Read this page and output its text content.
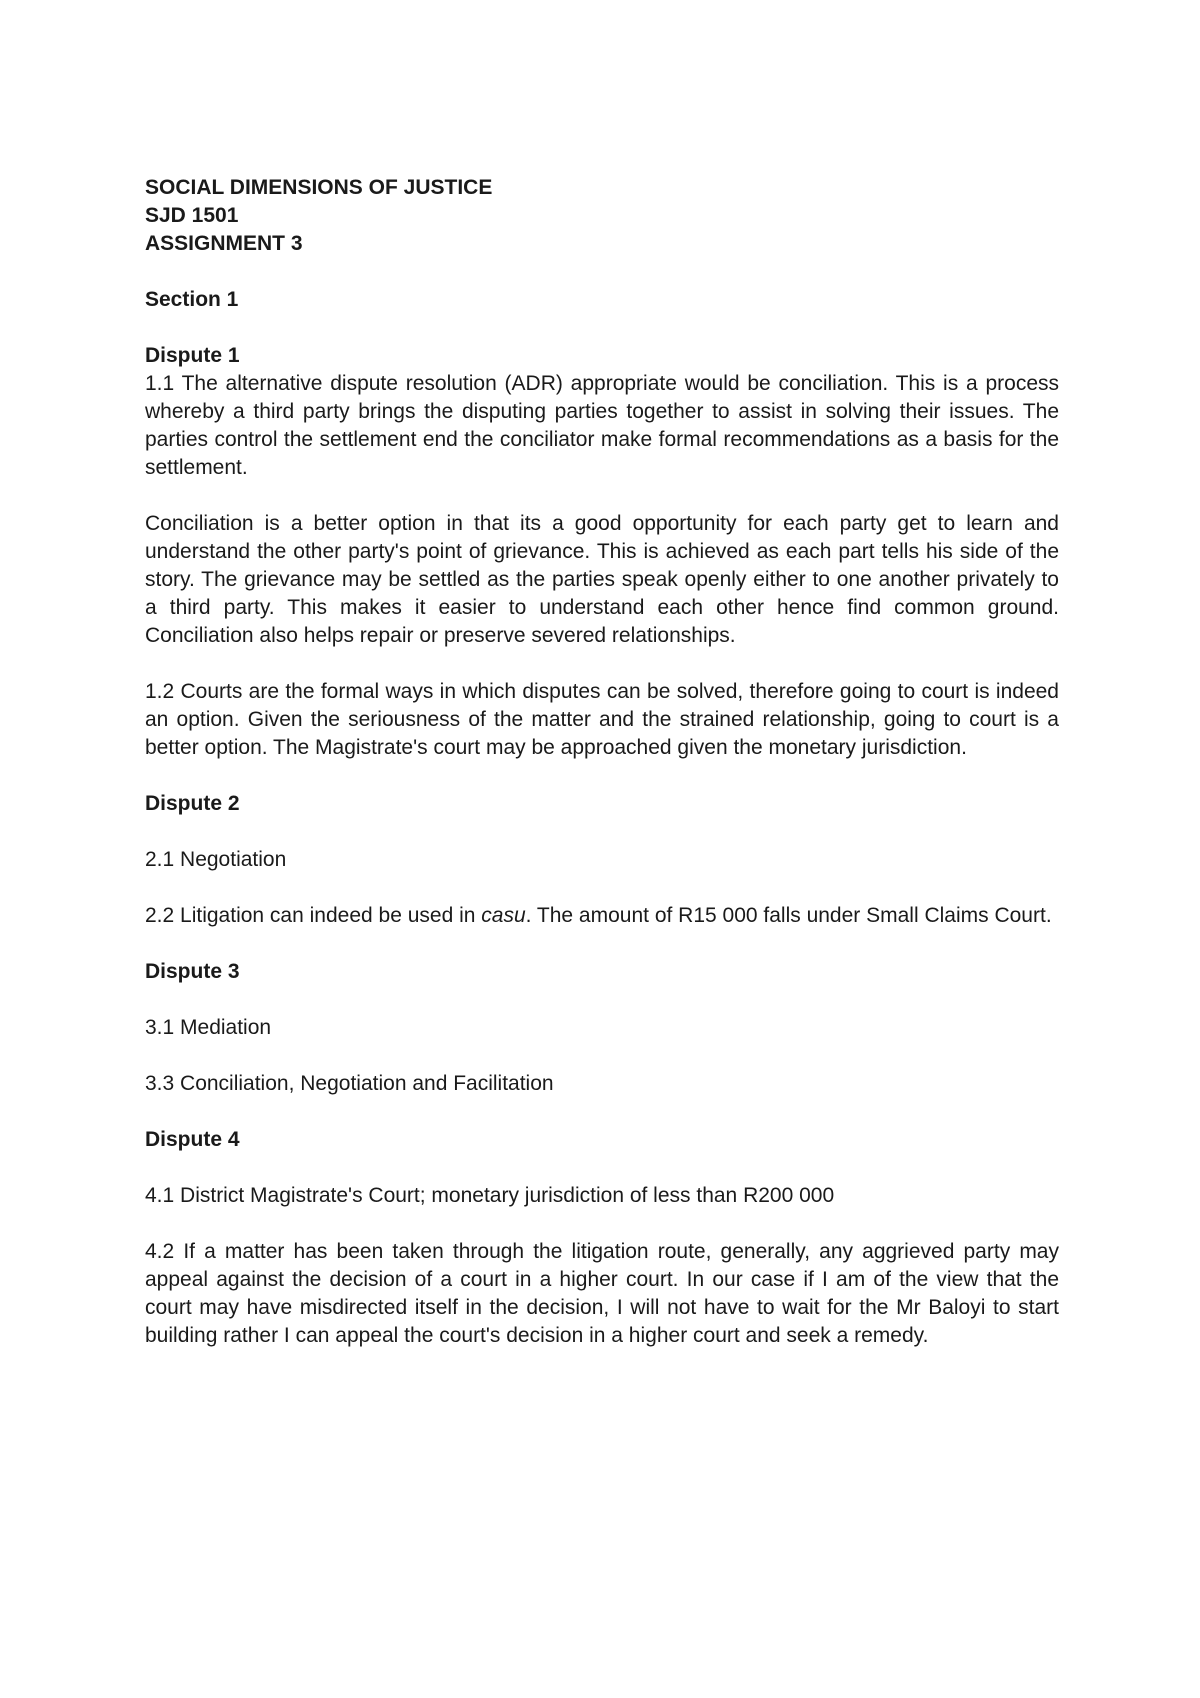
SOCIAL DIMENSIONS OF JUSTICE

SJD 1501

ASSIGNMENT 3

Section 1

Dispute 1

1.1 The alternative dispute resolution (ADR) appropriate would be conciliation. This is a process whereby a third party brings the disputing parties together to assist in solving their issues. The parties control the settlement end the conciliator make formal recommendations as a basis for the settlement.

Conciliation is a better option in that its a good opportunity for each party get to learn and understand the other party's point of grievance. This is achieved as each part tells his side of the story. The grievance may be settled as the parties speak openly either to one another privately to a third party. This makes it easier to understand each other hence find common ground. Conciliation also helps repair or preserve severed relationships.

1.2 Courts are the formal ways in which disputes can be solved, therefore going to court is indeed an option. Given the seriousness of the matter and the strained relationship, going to court is a better option. The Magistrate's court may be approached given the monetary jurisdiction.

Dispute 2

2.1 Negotiation

2.2 Litigation can indeed be used in casu. The amount of R15 000 falls under Small Claims Court.

Dispute 3

3.1 Mediation

3.3 Conciliation, Negotiation and Facilitation

Dispute 4

4.1 District Magistrate's Court; monetary jurisdiction of less than R200 000

4.2 If a matter has been taken through the litigation route, generally, any aggrieved party may appeal against the decision of a court in a higher court. In our case if I am of the view that the court may have misdirected itself in the decision, I will not have to wait for the Mr Baloyi to start building rather I can appeal the court's decision in a higher court and seek a remedy.
